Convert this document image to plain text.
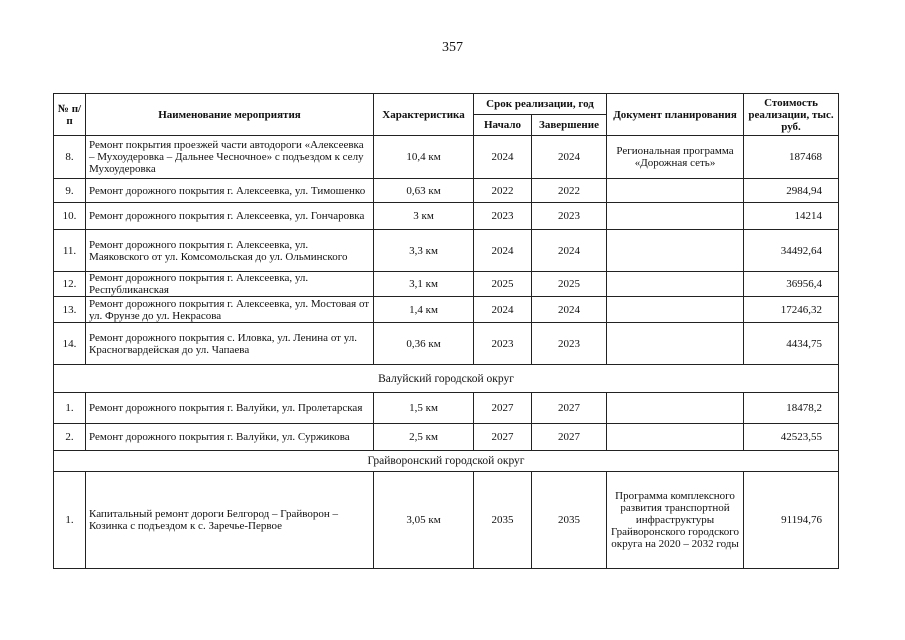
357
№ п/п	Наименование мероприятия	Характеристика	Срок реализации, год		Документ планирования	Стоимость реализации, тыс. руб.
			Начало	Завершение		
8.	Ремонт покрытия проезжей части автодороги «Алексеевка – Мухоудеровка – Дальнее Чесночное» с подъездом к селу Мухоудеровка	10,4 км	2024	2024	Региональная программа «Дорожная сеть»	187468
9.	Ремонт дорожного покрытия г. Алексеевка, ул. Тимошенко	0,63 км	2022	2022		2984,94
10.	Ремонт дорожного покрытия г. Алексеевка, ул. Гончаровка	3 км	2023	2023		14214
11.	Ремонт дорожного покрытия г. Алексеевка, ул. Маяковского от ул. Комсомольская до ул. Ольминского	3,3 км	2024	2024		34492,64
12.	Ремонт дорожного покрытия г. Алексеевка, ул. Республиканская	3,1 км	2025	2025		36956,4
13.	Ремонт дорожного покрытия г. Алексеевка, ул. Мостовая от ул. Фрунзе до ул. Некрасова	1,4 км	2024	2024		17246,32
14.	Ремонт дорожного покрытия с. Иловка, ул. Ленина от ул. Красногвардейская до ул. Чапаева	0,36 км	2023	2023		4434,75
Валуйский городской округ						
1.	Ремонт дорожного покрытия г. Валуйки, ул. Пролетарская	1,5 км	2027	2027		18478,2
2.	Ремонт дорожного покрытия г. Валуйки, ул. Суржикова	2,5 км	2027	2027		42523,55
Грайворонский городской округ						
1.	Капитальный ремонт дороги Белгород – Грайворон – Козинка с подъездом к с. Заречье-Первое	3,05 км	2035	2035	Программа комплексного развития транспортной инфраструктуры Грайворонского городского округа на 2020 – 2032 годы	91194,76
